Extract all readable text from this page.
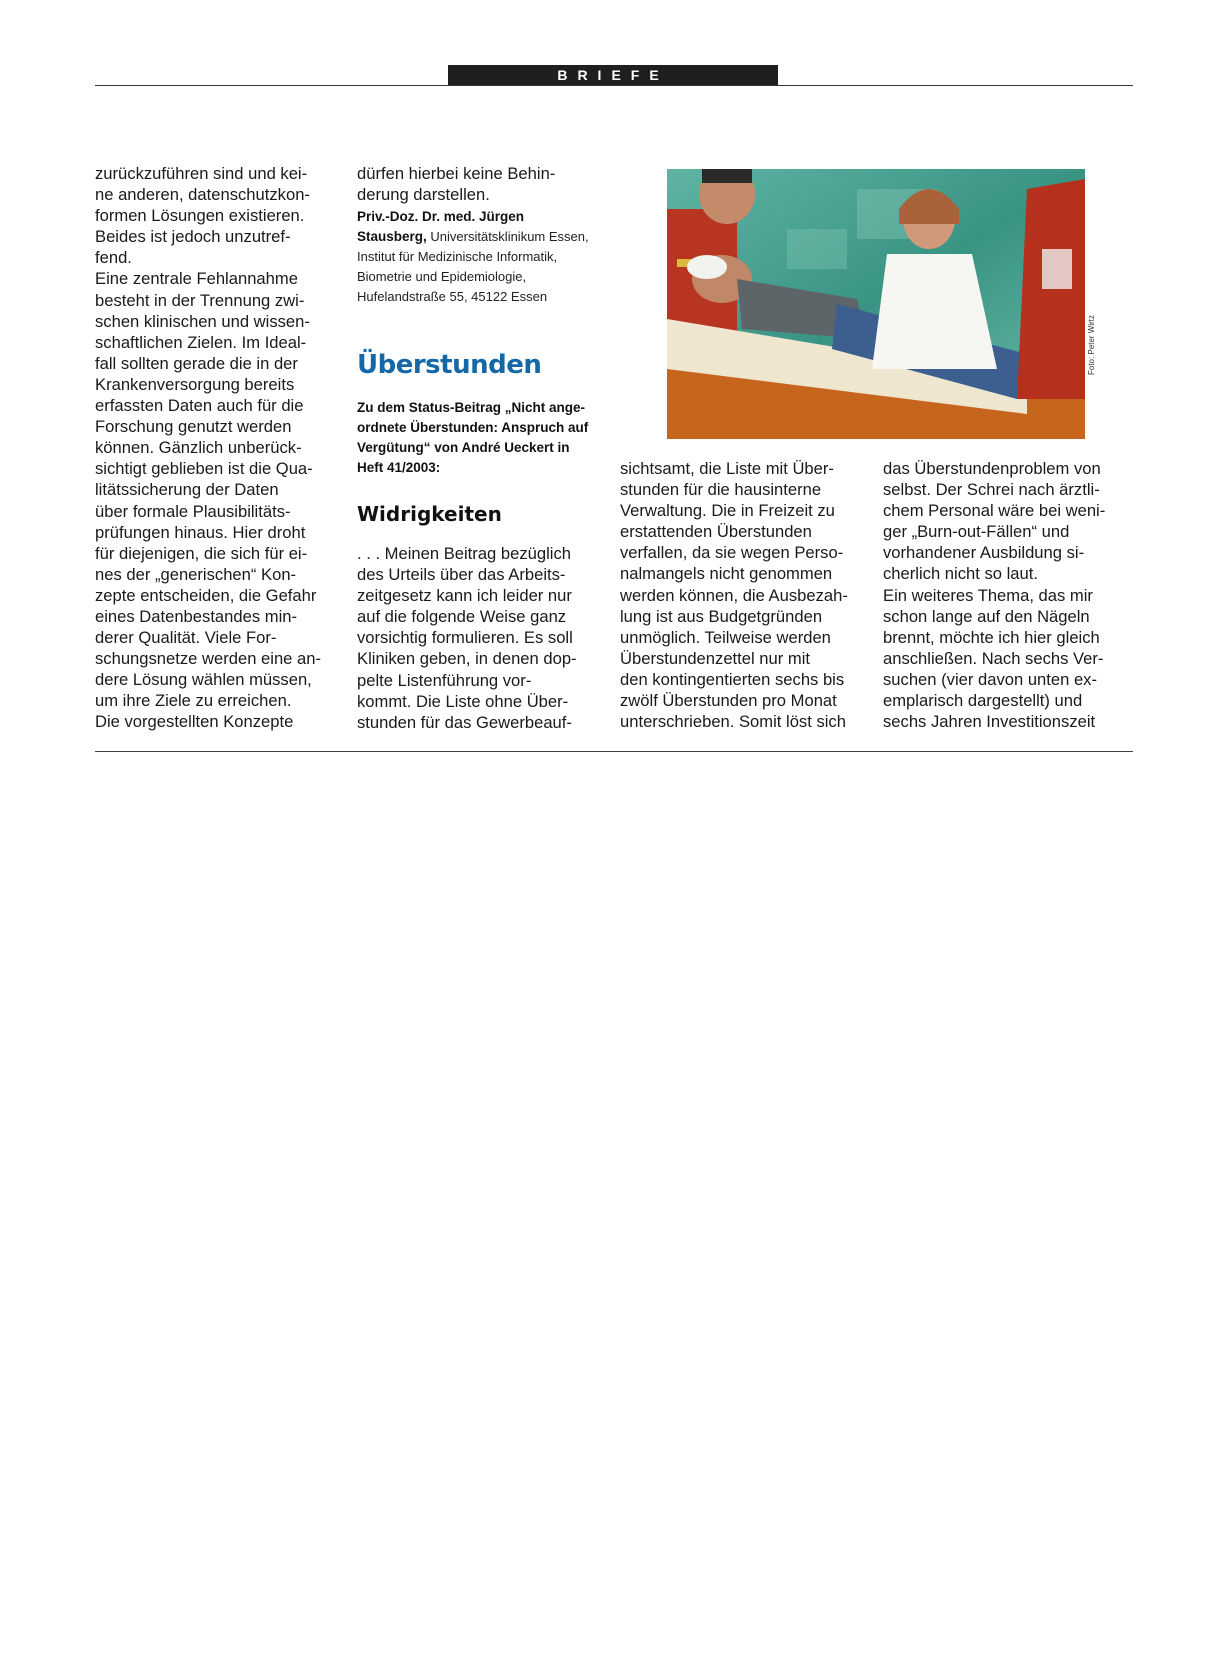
BRIEFE

zurückzuführen sind und kei-

ne anderen, datenschutzkon-

formen Lösungen existieren.

Beides ist jedoch unzutref-

fend.

Eine zentrale Fehlannahme

besteht in der Trennung zwi-

schen klinischen und wissen-

schaftlichen Zielen. Im Ideal-

fall sollten gerade die in der

Krankenversorgung bereits

erfassten Daten auch für die

Forschung genutzt werden

können. Gänzlich unberück-

sichtigt geblieben ist die Qua-

litätssicherung der Daten

über formale Plausibilitäts-

prüfungen hinaus. Hier droht

für diejenigen, die sich für ei-

nes der „generischen“ Kon-

zepte entscheiden, die Gefahr

eines Datenbestandes min-

derer Qualität. Viele For-

schungsnetze werden eine an-

dere Lösung wählen müssen,

um ihre Ziele zu erreichen.

Die vorgestellten Konzepte

dürfen hierbei keine Behin-

derung darstellen.

Priv.-Doz. Dr. med. Jürgen

Stausberg, Universitätsklinikum Essen,

Institut für Medizinische Informatik,

Biometrie und Epidemiologie,

Hufelandstraße 55, 45122 Essen

Überstunden

Zu dem Status-Beitrag „Nicht ange-

ordnete Überstunden: Anspruch auf

Vergütung“ von André Ueckert in

Heft 41/2003:

Widrigkeiten

. . . Meinen Beitrag bezüglich

des Urteils über das Arbeits-

zeitgesetz kann ich leider nur

auf die folgende Weise ganz

vorsichtig formulieren. Es soll

Kliniken geben, in denen dop-

pelte Listenführung vor-

kommt. Die Liste ohne Über-

stunden für das Gewerbeauf-

Foto: Peter Wirtz

sichtsamt, die Liste mit Über-

stunden für die hausinterne

Verwaltung. Die in Freizeit zu

erstattenden Überstunden

verfallen, da sie wegen Perso-

nalmangels nicht genommen

werden können, die Ausbezah-

lung ist aus Budgetgründen

unmöglich. Teilweise werden

Überstundenzettel nur mit

den kontingentierten sechs bis

zwölf Überstunden pro Monat

unterschrieben. Somit löst sich

das Überstundenproblem von

selbst. Der Schrei nach ärztli-

chem Personal wäre bei weni-

ger „Burn-out-Fällen“ und

vorhandener Ausbildung si-

cherlich nicht so laut.

Ein weiteres Thema, das mir

schon lange auf den Nägeln

brennt, möchte ich hier gleich

anschließen. Nach sechs Ver-

suchen (vier davon unten ex-

emplarisch dargestellt) und

sechs Jahren Investitionszeit
